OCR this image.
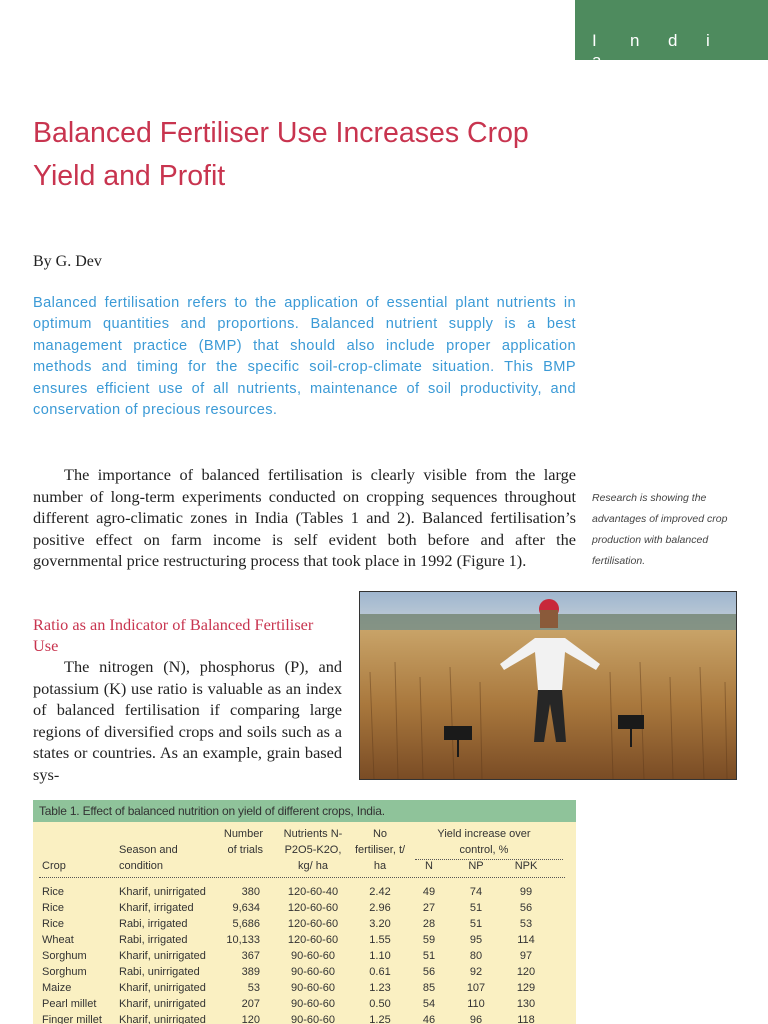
I n d ia
Balanced Fertiliser Use Increases Crop Yield and Profit
By G. Dev

Balanced fertilisation refers to the application of essential plant nutrients in optimum quantities and proportions. Balanced nutrient supply is a best management practice (BMP) that should also include proper application methods and timing for the specific soil-crop-climate situation. This BMP ensures efficient use of all nutrients, maintenance of soil productivity, and conservation of precious resources.

The importance of balanced fertilisation is clearly visible from the large number of long-term experiments conducted on cropping sequences throughout different agro-climatic zones in India (Tables 1 and 2). Balanced fertilisation’s positive effect on farm income is self evident both before and after the governmental price restructuring process that took place in 1992 (Figure 1).

Research is showing the advantages of improved crop production with balanced fertilisation.

Ratio as an Indicator of Balanced Fertiliser Use

The nitrogen (N), phosphorus (P), and potassium (K) use ratio is valuable as an index of balanced fertilisation if comparing large regions of diversified crops and soils such as a states or countries. As an example, grain based sys-

Table 1. Effect of balanced nutrition on yield of different crops, India.
Crop
Season and condition
Number of trials
Nutrients N-P2O5-K2O, kg/ ha
No fertiliser, t/ ha
Yield increase over control, %
N	NP	NPK
Rice	Kharif, unirrigated	380	120-60-40	2.42	49	74	99
Rice	Kharif, irrigated	9,634	120-60-60	2.96	27	51	56
Rice	Rabi, irrigated	5,686	120-60-60	3.20	28	51	53
Wheat	Rabi, irrigated	10,133	120-60-60	1.55	59	95	114
Sorghum	Kharif, unirrigated	367	90-60-60	1.10	51	80	97
Sorghum	Rabi, unirrigated	389	90-60-60	0.61	56	92	120
Maize	Kharif, unirrigated	53	90-60-60	1.23	85	107	129
Pearl millet Kharif, unirrigated	207	90-60-60	0.50	54	110	130
Finger millet Kharif, unirrigated	120	90-60-60	1.25	46	96	118
